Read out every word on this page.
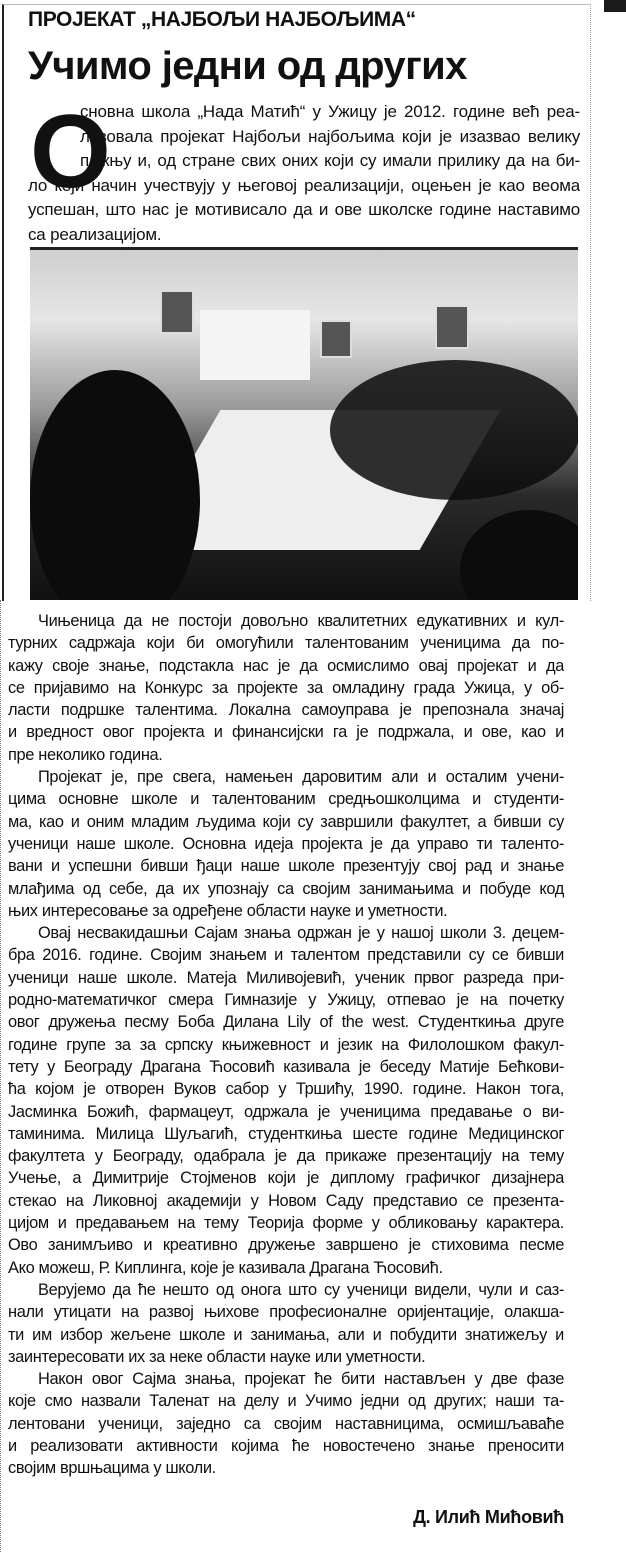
ПРОЈЕКАТ „НАЈБОЉИ НАЈБОЉИМА“
Учимо једни од других
О
сновна школа „Нада Матић“ у Ужицу је 2012. године већ реа-
лизовала пројекат Најбољи најбољима који је изазвао велику
пажњу и, од стране свих оних који су имали прилику да на би-
ло који начин учествују у његовој реализацији, оцењен је као веома
успешан, што нас је мотивисало да и ове школске године наставимо
са реализацијом.
Чињеница да не постоји довољно квалитетних едукативних и кул-
турних садржаја који би омогућили талентованим ученицима да по-
кажу своје знање, подстакла нас је да осмислимо овај пројекат и да
се пријавимо на Конкурс за пројекте за омладину града Ужица, у об-
ласти подршке талентима. Локална самоуправа је препознала значај
и вредност овог пројекта и финансијски га је подржала, и ове, као и
пре неколико година.
Пројекат је, пре свега, намењен даровитим али и осталим учени-
цима основне школе и талентованим средњошколцима и студенти-
ма, као и оним младим људима који су завршили факултет, а бивши су
ученици наше школе. Основна идеја пројекта је да управо ти таленто-
вани и успешни бивши ђаци наше школе презентују свој рад и знање
млађима од себе, да их упознају са својим занимањима и побуде код
њих интересовање за одређене области науке и уметности.
Овај несвакидашњи Сајам знања одржан је у нашој школи 3. децем-
бра 2016. године. Својим знањем и талентом представили су се бивши
ученици наше школе. Матеја Миливојевић, ученик првог разреда при-
родно-математичког смера Гимназије у Ужицу, отпевао је на почетку
овог дружења песму Боба Дилана Lily of the west. Студенткиња друге
године групе за за српску књижевност и језик на Филолошком факул-
тету у Београду Драгана Ћосовић казивала је беседу Матије Бећкови-
ћа којом је отворен Вуков сабор у Тршићу, 1990. године. Након тога,
Јасминка Божић, фармацеут, одржала је ученицима предавање о ви-
таминима. Милица Шуљагић, студенткиња шесте године Медицинског
факултета у Београду, одабрала је да прикаже презентацију на тему
Учење, а Димитрије Стојменов који је диплому графичког дизајнера
стекао на Ликовној академији у Новом Саду представио се презента-
цијом и предавањем на тему Теорија форме у обликовању карактера.
Ово занимљиво и креативно дружење завршено је стиховима песме
Ако можеш, Р. Киплинга, које је казивала Драгана Ћосовић.
Верујемо да ће нешто од онога што су ученици видели, чули и саз-
нали утицати на развој њихове професионалне оријентације, олакша-
ти им избор жељене школе и занимања, али и побудити знатижељу и
заинтересовати их за неке области науке или уметности.
Након овог Сајма знања, пројекат ће бити настављен у две фазе
које смо назвали Таленат на делу и Учимо једни од других; наши та-
лентовани ученици, заједно са својим наставницима, осмишљаваће
и реализовати активности којима ће новостечено знање преносити
својим вршњацима у школи.
Д. Илић Мићовић
